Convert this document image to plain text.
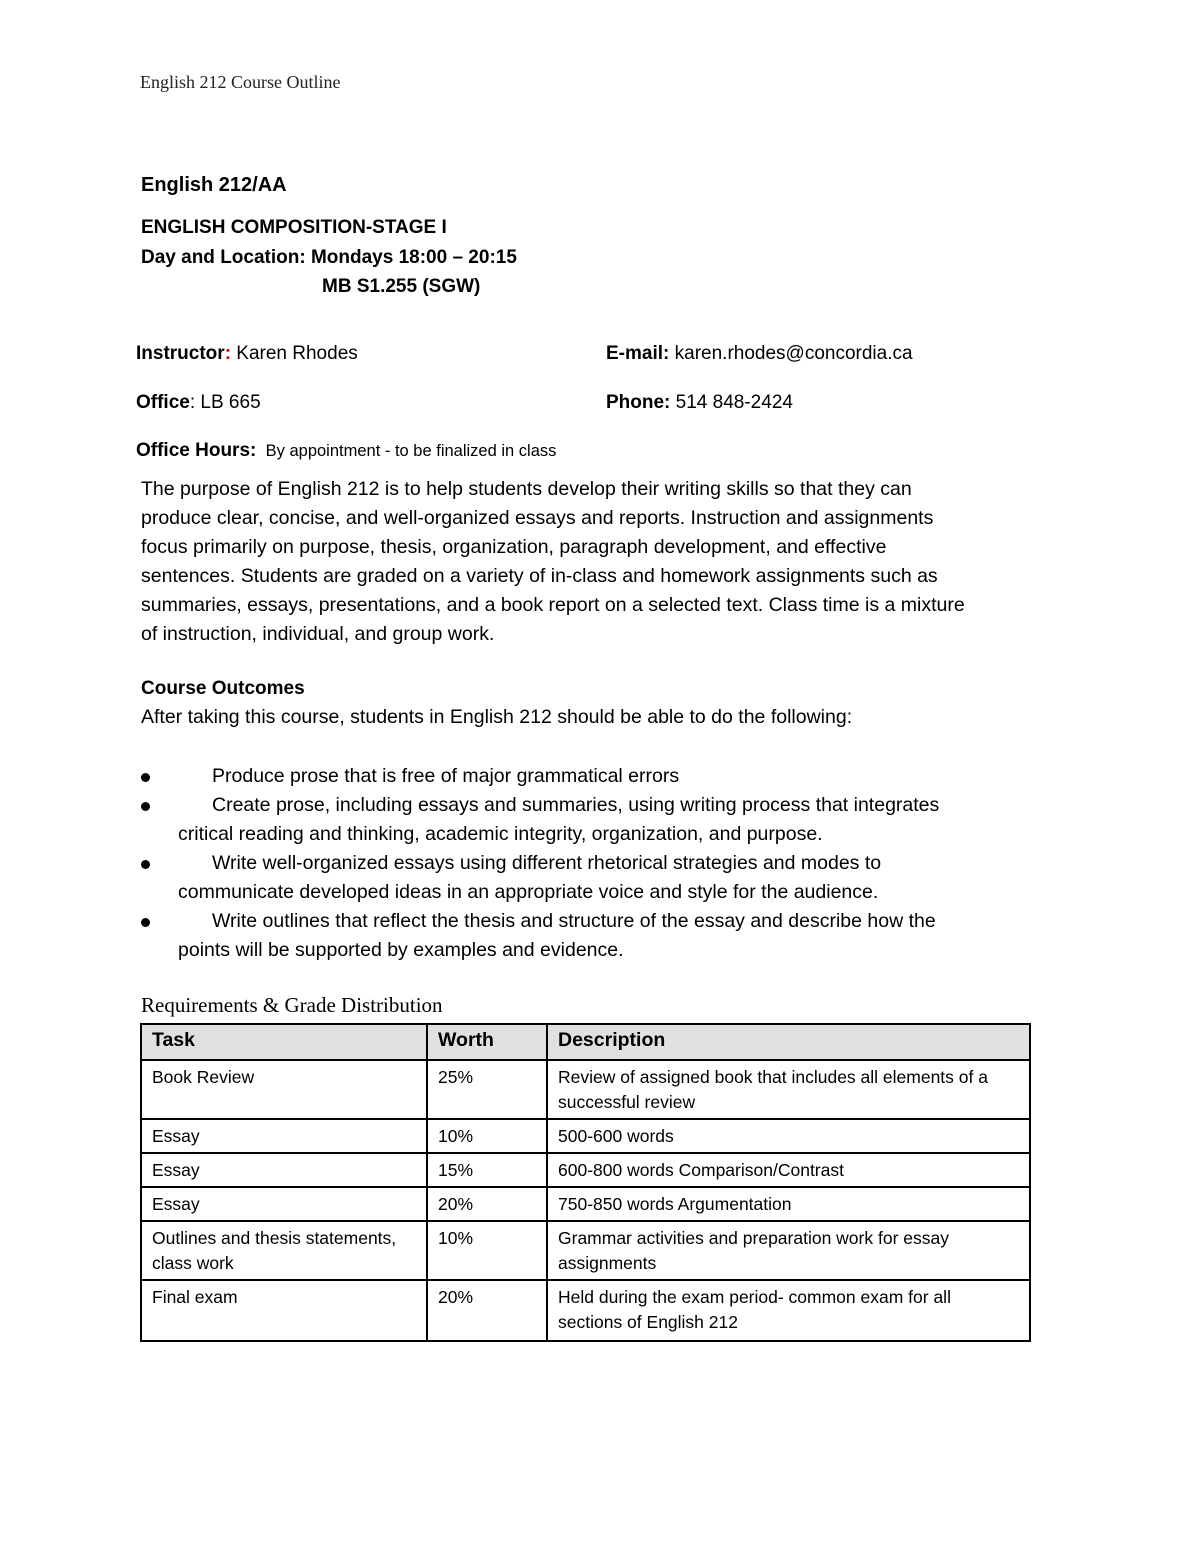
English 212 Course Outline
English 212/AA
ENGLISH COMPOSITION-STAGE I
Day and Location: Mondays 18:00 – 20:15
MB S1.255 (SGW)
Instructor: Karen Rhodes	E-mail: karen.rhodes@concordia.ca
Office: LB 665	Phone: 514 848-2424
Office Hours: By appointment - to be finalized in class
The purpose of English 212 is to help students develop their writing skills so that they can
produce clear, concise, and well-organized essays and reports. Instruction and assignments
focus primarily on purpose, thesis, organization, paragraph development, and effective
sentences. Students are graded on a variety of in-class and homework assignments such as
summaries, essays, presentations, and a book report on a selected text. Class time is a mixture
of instruction, individual, and group work.
Course Outcomes
After taking this course, students in English 212 should be able to do the following:
Produce prose that is free of major grammatical errors
Create prose, including essays and summaries, using writing process that integrates
critical reading and thinking, academic integrity, organization, and purpose.
Write well-organized essays using different rhetorical strategies and modes to
communicate developed ideas in an appropriate voice and style for the audience.
Write outlines that reflect the thesis and structure of the essay and describe how the
points will be supported by examples and evidence.
Requirements & Grade Distribution
Task	Worth	Description
Book Review	25%	Review of assigned book that includes all elements of a successful review
Essay	10%	500-600 words
Essay	15%	600-800 words Comparison/Contrast
Essay	20%	750-850 words Argumentation
Outlines and thesis statements, class work	10%	Grammar activities and preparation work for essay assignments
Final exam	20%	Held during the exam period- common exam for all sections of English 212
